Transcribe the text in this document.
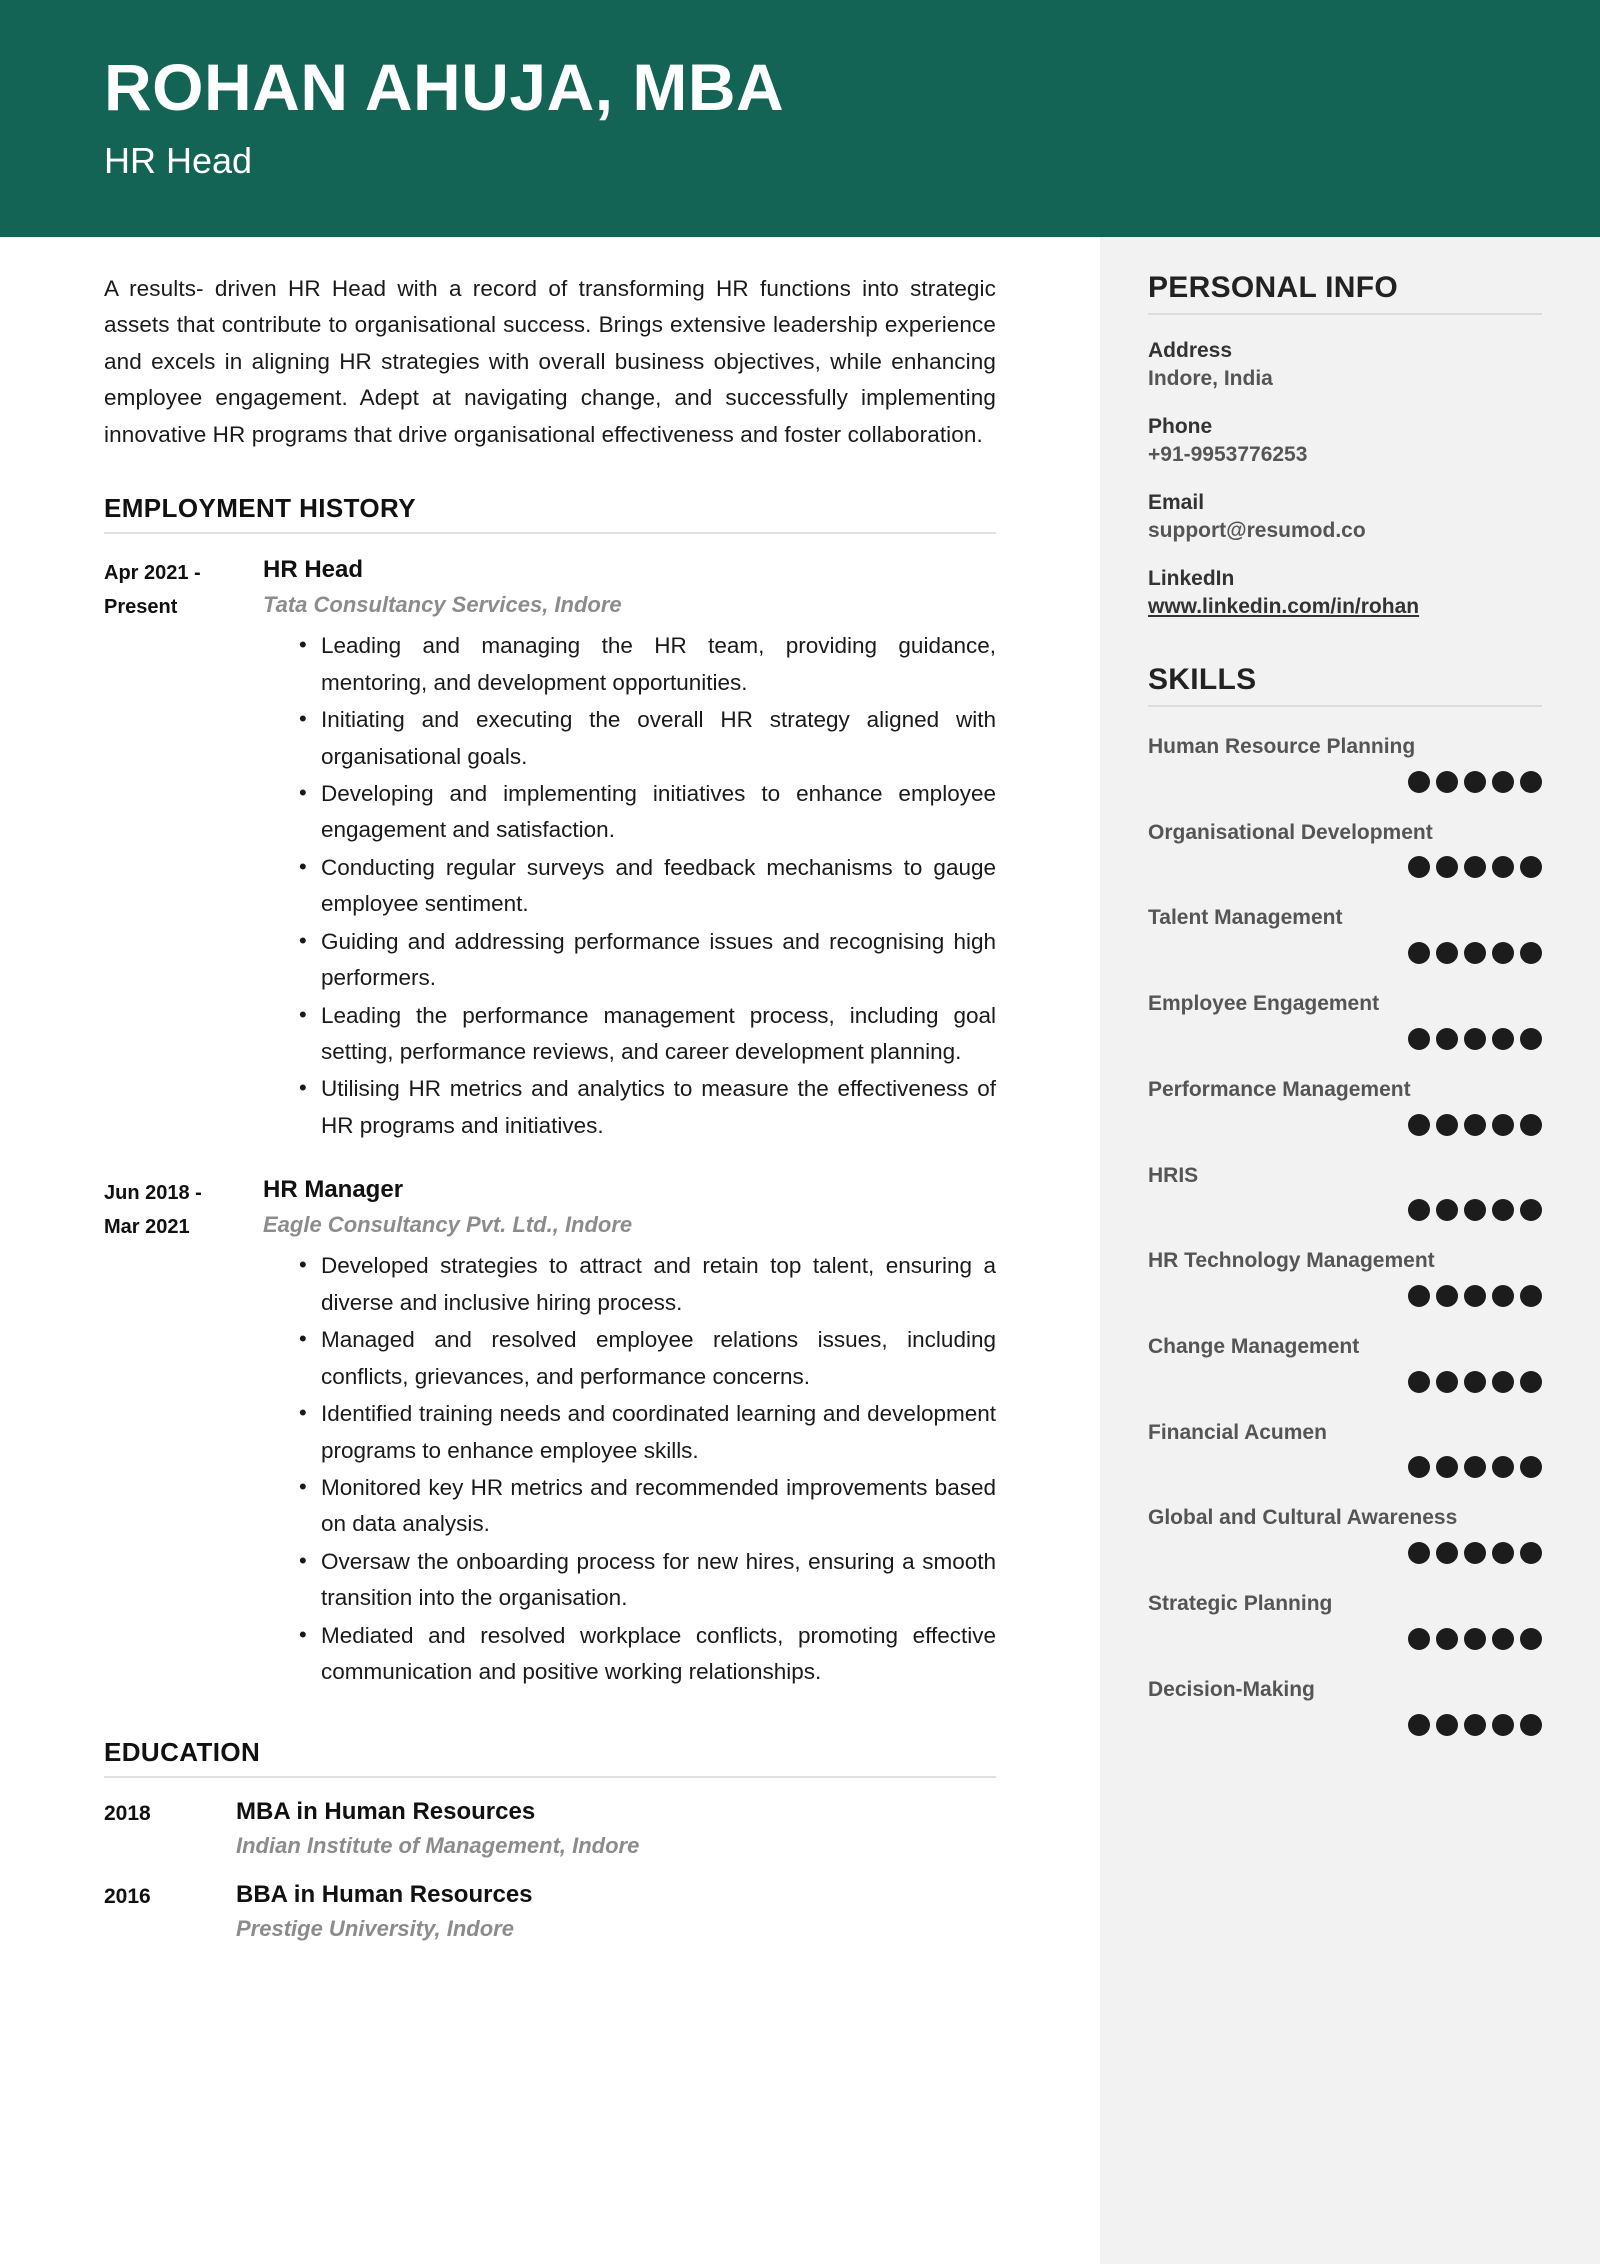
ROHAN AHUJA, MBA
HR Head

A results- driven HR Head with a record of transforming HR functions into strategic assets that contribute to organisational success. Brings extensive leadership experience and excels in aligning HR strategies with overall business objectives, while enhancing employee engagement. Adept at navigating change, and successfully implementing innovative HR programs that drive organisational effectiveness and foster collaboration.

EMPLOYMENT HISTORY
Apr 2021 -
Present
HR Head
Tata Consultancy Services, Indore
• Leading and managing the HR team, providing guidance, mentoring, and development opportunities.
• Initiating and executing the overall HR strategy aligned with organisational goals.
• Developing and implementing initiatives to enhance employee engagement and satisfaction.
• Conducting regular surveys and feedback mechanisms to gauge employee sentiment.
• Guiding and addressing performance issues and recognising high performers.
• Leading the performance management process, including goal setting, performance reviews, and career development planning.
• Utilising HR metrics and analytics to measure the effectiveness of HR programs and initiatives.
Jun 2018 -
Mar 2021
HR Manager
Eagle Consultancy Pvt. Ltd., Indore
• Developed strategies to attract and retain top talent, ensuring a diverse and inclusive hiring process.
• Managed and resolved employee relations issues, including conflicts, grievances, and performance concerns.
• Identified training needs and coordinated learning and development programs to enhance employee skills.
• Monitored key HR metrics and recommended improvements based on data analysis.
• Oversaw the onboarding process for new hires, ensuring a smooth transition into the organisation.
• Mediated and resolved workplace conflicts, promoting effective communication and positive working relationships.
EDUCATION
2018	MBA in Human Resources
Indian Institute of Management, Indore
2016	BBA in Human Resources
Prestige University, Indore
PERSONAL INFO
Address
Indore, India
Phone
+91-9953776253
Email
support@resumod.co
LinkedIn
www.linkedin.com/in/rohan
SKILLS
Human Resource Planning
Organisational Development
Talent Management
Employee Engagement
Performance Management
HRIS
HR Technology Management
Change Management
Financial Acumen
Global and Cultural Awareness
Strategic Planning
Decision-Making
